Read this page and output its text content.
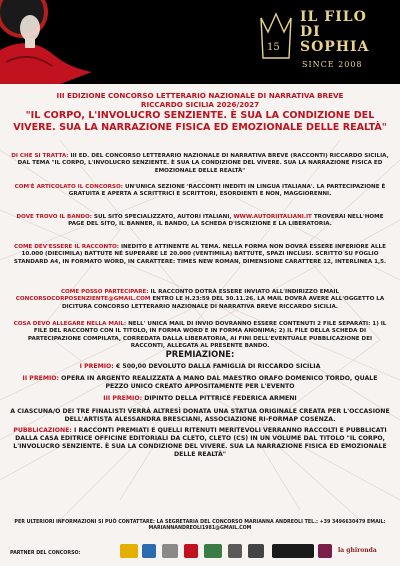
15
IL FILO DI SOPHIA
SINCE 2008
III EDIZIONE CONCORSO LETTERARIO NAZIONALE DI NARRATIVA BREVE
RICCARDO SICILIA 2026/2027
"IL CORPO, L'INVOLUCRO SENZIENTE. È SUA LA CONDIZIONE DEL VIVERE. SUA LA NARRAZIONE FISICA ED EMOZIONALE DELLE REALTÀ"
DI CHE SI TRATTA: III ED. DEL CONCORSO LETTERARIO NAZIONALE DI NARRATIVA BREVE (RACCONTI) RICCARDO SICILIA, DAL TEMA "IL CORPO, L'INVOLUCRO SENZIENTE. È SUA LA CONDIZIONE DEL VIVERE. SUA LA NARRAZIONE FISICA ED EMOZIONALE DELLE REALTÀ"
COM'È ARTICOLATO IL CONCORSO: UN'UNICA SEZIONE 'RACCONTI INEDITI IN LINGUA ITALIANA'. LA PARTECIPAZIONE È GRATUITA E APERTA A SCRITTRICI E SCRITTORI, ESORDIENTI E NON, MAGGIORENNI.
DOVE TROVO IL BANDO: SUL SITO SPECIALIZZATO, AUTORI ITALIANI, WWW.AUTORIITALIANI.IT TROVERAI NELL'HOME PAGE DEL SITO, IL BANNER, IL BANDO, LA SCHEDA D'ISCRIZIONE E LA LIBERATORIA.
COME DEV'ESSERE IL RACCONTO: INEDITO E ATTINENTE AL TEMA. NELLA FORMA NON DOVRÀ ESSERE INFERIORE ALLE 10.000 (DIECIMILA) BATTUTE NÉ SUPERARE LE 20.000 (VENTIMILA) BATTUTE, SPAZI INCLUSI. SCRITTO SU FOGLIO STANDARD A4, IN FORMATO WORD, IN CARATTERE: TIMES NEW ROMAN, DIMENSIONE CARATTERE 12, INTERLINEA 1,5.
COME POSSO PARTECIPARE: IL RACCONTO DOTRÀ ESSERE INVIATO ALL'INDIRIZZO EMAIL CONCORSOCORPOSENZIENTE@GMAIL.COM ENTRO LE H.23:59 DEL 30.11.26. LA MAIL DOVRÀ AVERE ALL'OGGETTO LA DICITURA CONCORSO LETTERARIO NAZIONALE DI NARRATIVA BREVE RICCARDO SICILIA.
COSA DEVO ALLEGARE NELLA MAIL: NELL' UNICA MAIL DI INVIO DOVRANNO ESSERE CONTENUTI 2 FILE SEPARATI: 1) IL FILE DEL RACCONTO CON IL TITOLO, IN FORMA WORD E IN FORMA ANONIMA; 2) IL FILE DELLA SCHEDA DI PARTECIPAZIONE COMPILATA, CORREDATA DALLA LIBERATORIA, AI FINI DELL'EVENTUALE PUBBLICAZIONE DEI RACCONTI, ALLEGATA AL PRESENTE BANDO.
PREMIAZIONE:
I PREMIO: € 500,00 DEVOLUTO DALLA FAMIGLIA DI RICCARDO SICILIA
II PREMIO: OPERA IN ARGENTO REALIZZATA A MANO DAL MAESTRO ORAFO DOMENICO TORDO, QUALE PEZZO UNICO CREATO APPOSITAMENTE PER L'EVENTO
III PREMIO: DIPINTO DELLA PITTRICE FEDERICA ARMENI
A CIASCUNA/O DEI TRE FINALISTI VERRÀ ALTRESÌ DONATA UNA STATUA ORIGINALE CREATA PER L'OCCASIONE DELL'ARTISTA ALESSANDRA BRESCIANI, ASSOCIAZIONE RI-FORMAP COSENZA.
PUBBLICAZIONE: I RACCONTI PREMIATI E QUELLI RITENUTI MERITEVOLI VERRANNO RACCOLTI E PUBBLICATI DALLA CASA EDITRICE OFFICINE EDITORIALI DA CLETO, CLETO (CS) IN UN VOLUME DAL TITOLO "IL CORPO, L'INVOLUCRO SENZIENTE. È SUA LA CONDIZIONE DEL VIVERE. SUA LA NARRAZIONE FISICA ED EMOZIONALE DELLE REALTÀ"
PER ULTERIORI INFORMAZIONI SI PUÒ CONTATTARE: LA SEGRETARIA DEL CONCORSO MARIANNA ANDREOLI TEL.: +39 3496630479 EMAIL: MARIANNANDREOLI1981@GMAIL.COM
PARTNER DEL CONCORSO:	la ghironda
